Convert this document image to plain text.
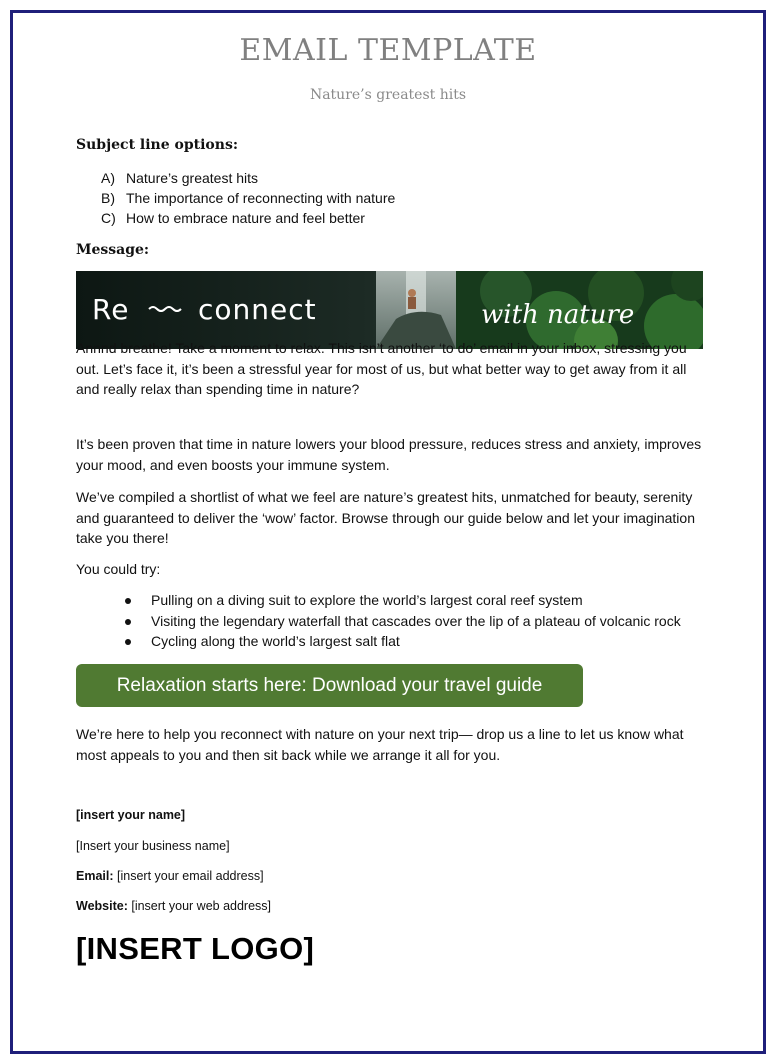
EMAIL TEMPLATE
Nature’s greatest hits
Subject line options:
A) Nature’s greatest hits
B) The importance of reconnecting with nature
C) How to embrace nature and feel better
Message:
Re connect	with nature
Annnd breathe! Take a moment to relax. This isn’t another ‘to do’ email in your inbox, stressing you out. Let’s face it, it’s been a stressful year for most of us, but what better way to get away from it all and really relax than spending time in nature?
It’s been proven that time in nature lowers your blood pressure, reduces stress and anxiety, improves your mood, and even boosts your immune system.
We’ve compiled a shortlist of what we feel are nature’s greatest hits, unmatched for beauty, serenity and guaranteed to deliver the ‘wow’ factor. Browse through our guide below and let your imagination take you there!
You could try:
Pulling on a diving suit to explore the world’s largest coral reef system
Visiting the legendary waterfall that cascades over the lip of a plateau of volcanic rock
Cycling along the world’s largest salt flat
Relaxation starts here: Download your travel guide
We’re here to help you reconnect with nature on your next trip— drop us a line to let us know what most appeals to you and then sit back while we arrange it all for you.
[insert your name]
[Insert your business name]
Email: [insert your email address]
Website: [insert your web address]
[INSERT LOGO]
